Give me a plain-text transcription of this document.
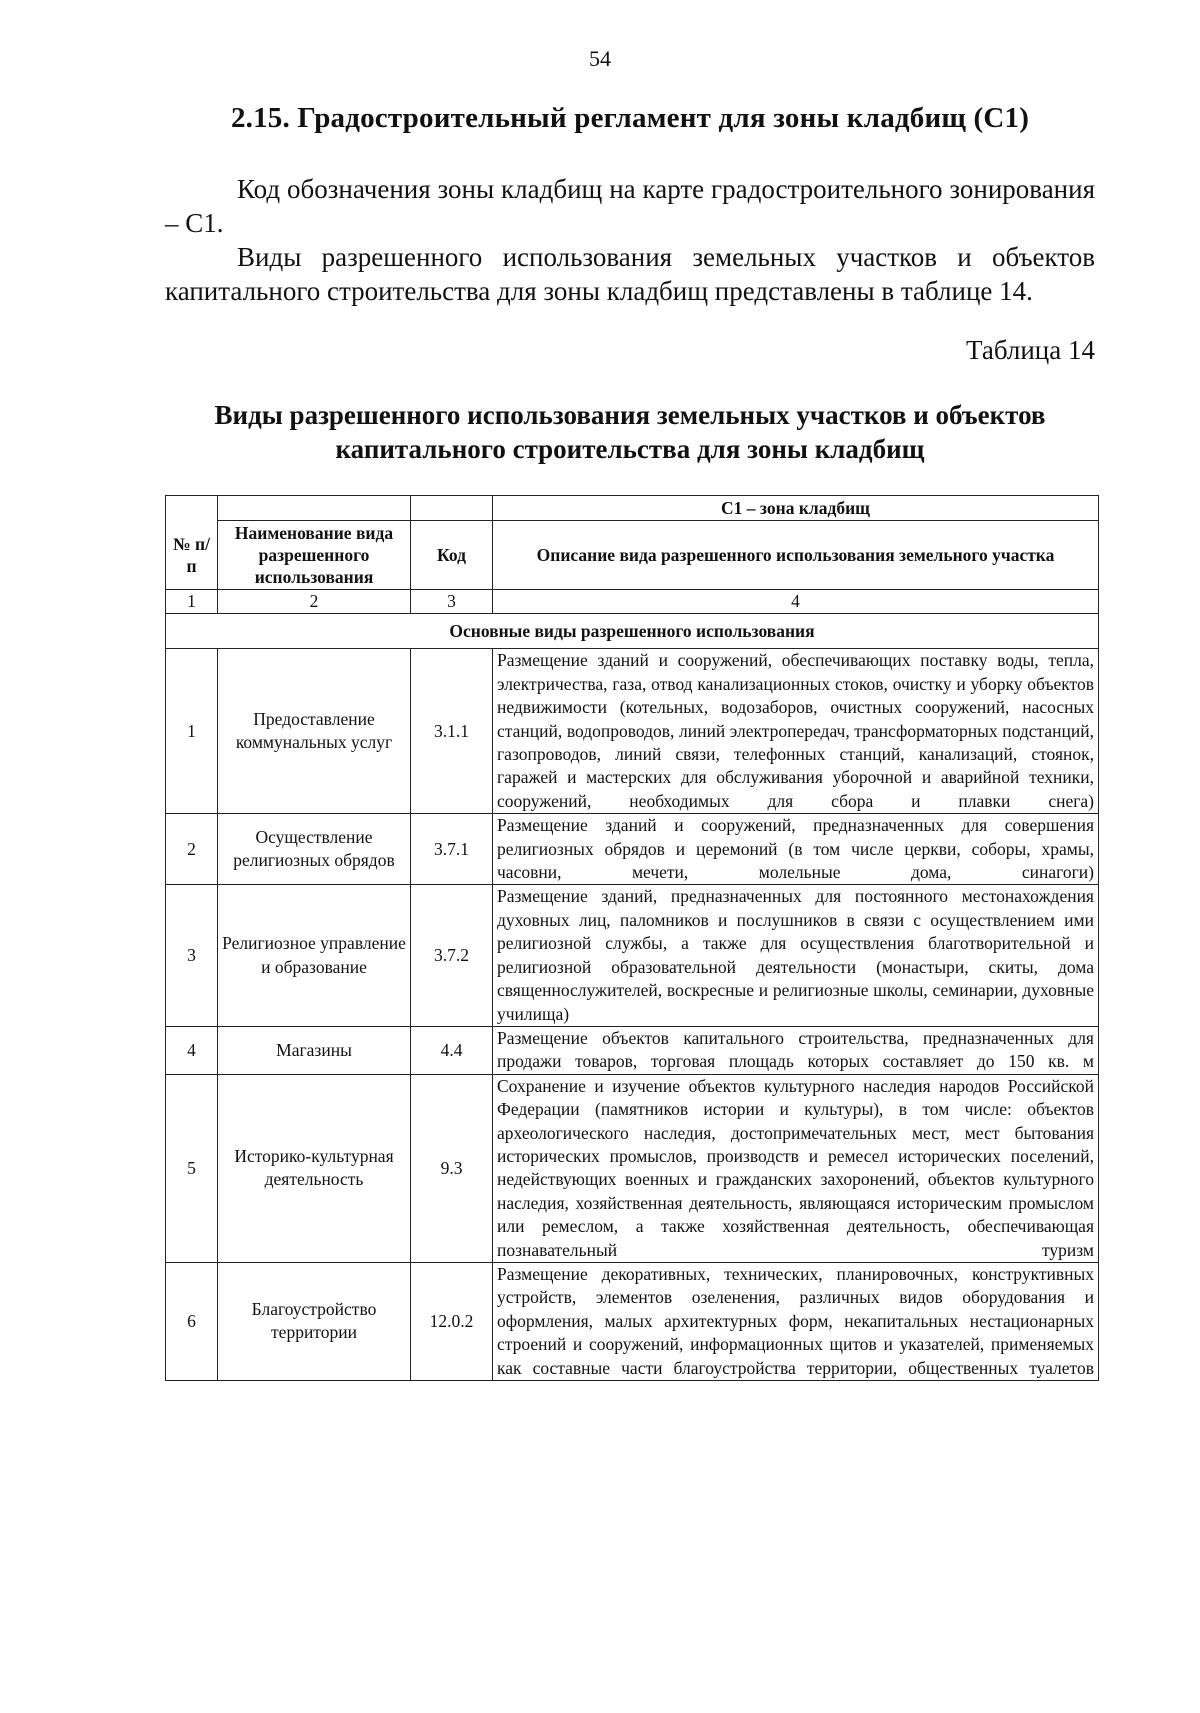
54
2.15. Градостроительный регламент для зоны кладбищ (С1)

Код обозначения зоны кладбищ на карте градостроительного зонирования – С1.

Виды разрешенного использования земельных участков и объектов капитального строительства для зоны кладбищ представлены в таблице 14.

Таблица 14
Виды разрешенного использования земельных участков и объектов капитального строительства для зоны кладбищ
			С1 – зона кладбищ
№ п/п	Наименование вида разрешенного использования	Код	Описание вида разрешенного использования земельного участка
1	2	3	4
Основные виды разрешенного использования			
1	Предоставление коммунальных услуг	3.1.1	Размещение зданий и сооружений, обеспечивающих поставку воды, тепла, электричества, газа, отвод канализационных стоков, очистку и уборку объектов недвижимости (котельных, водозаборов, очистных сооружений, насосных станций, водопроводов, линий электропередач, трансформаторных подстанций, газопроводов, линий связи, телефонных станций, канализаций, стоянок, гаражей и мастерских для обслуживания уборочной и аварийной техники, сооружений, необходимых для сбора и плавки снега)
2	Осуществление религиозных обрядов	3.7.1	Размещение зданий и сооружений, предназначенных для совершения религиозных обрядов и церемоний (в том числе церкви, соборы, храмы, часовни, мечети, молельные дома, синагоги)
3	Религиозное управление и образование	3.7.2	Размещение зданий, предназначенных для постоянного местонахождения духовных лиц, паломников и послушников в связи с осуществлением ими религиозной службы, а также для осуществления благотворительной и религиозной образовательной деятельности (монастыри, скиты, дома священнослужителей, воскресные и религиозные школы, семинарии, духовные училища)
4	Магазины	4.4	Размещение объектов капитального строительства, предназначенных для продажи товаров, торговая площадь которых составляет до 150 кв. м
5	Историко-культурная деятельность	9.3	Сохранение и изучение объектов культурного наследия народов Российской Федерации (памятников истории и культуры), в том числе: объектов археологического наследия, достопримечательных мест, мест бытования исторических промыслов, производств и ремесел исторических поселений, недействующих военных и гражданских захоронений, объектов культурного наследия, хозяйственная деятельность, являющаяся историческим промыслом или ремеслом, а также хозяйственная деятельность, обеспечивающая познавательный туризм
6	Благоустройство территории	12.0.2	Размещение декоративных, технических, планировочных, конструктивных устройств, элементов озеленения, различных видов оборудования и оформления, малых архитектурных форм, некапитальных нестационарных строений и сооружений, информационных щитов и указателей, применяемых как составные части благоустройства территории, общественных туалетов
